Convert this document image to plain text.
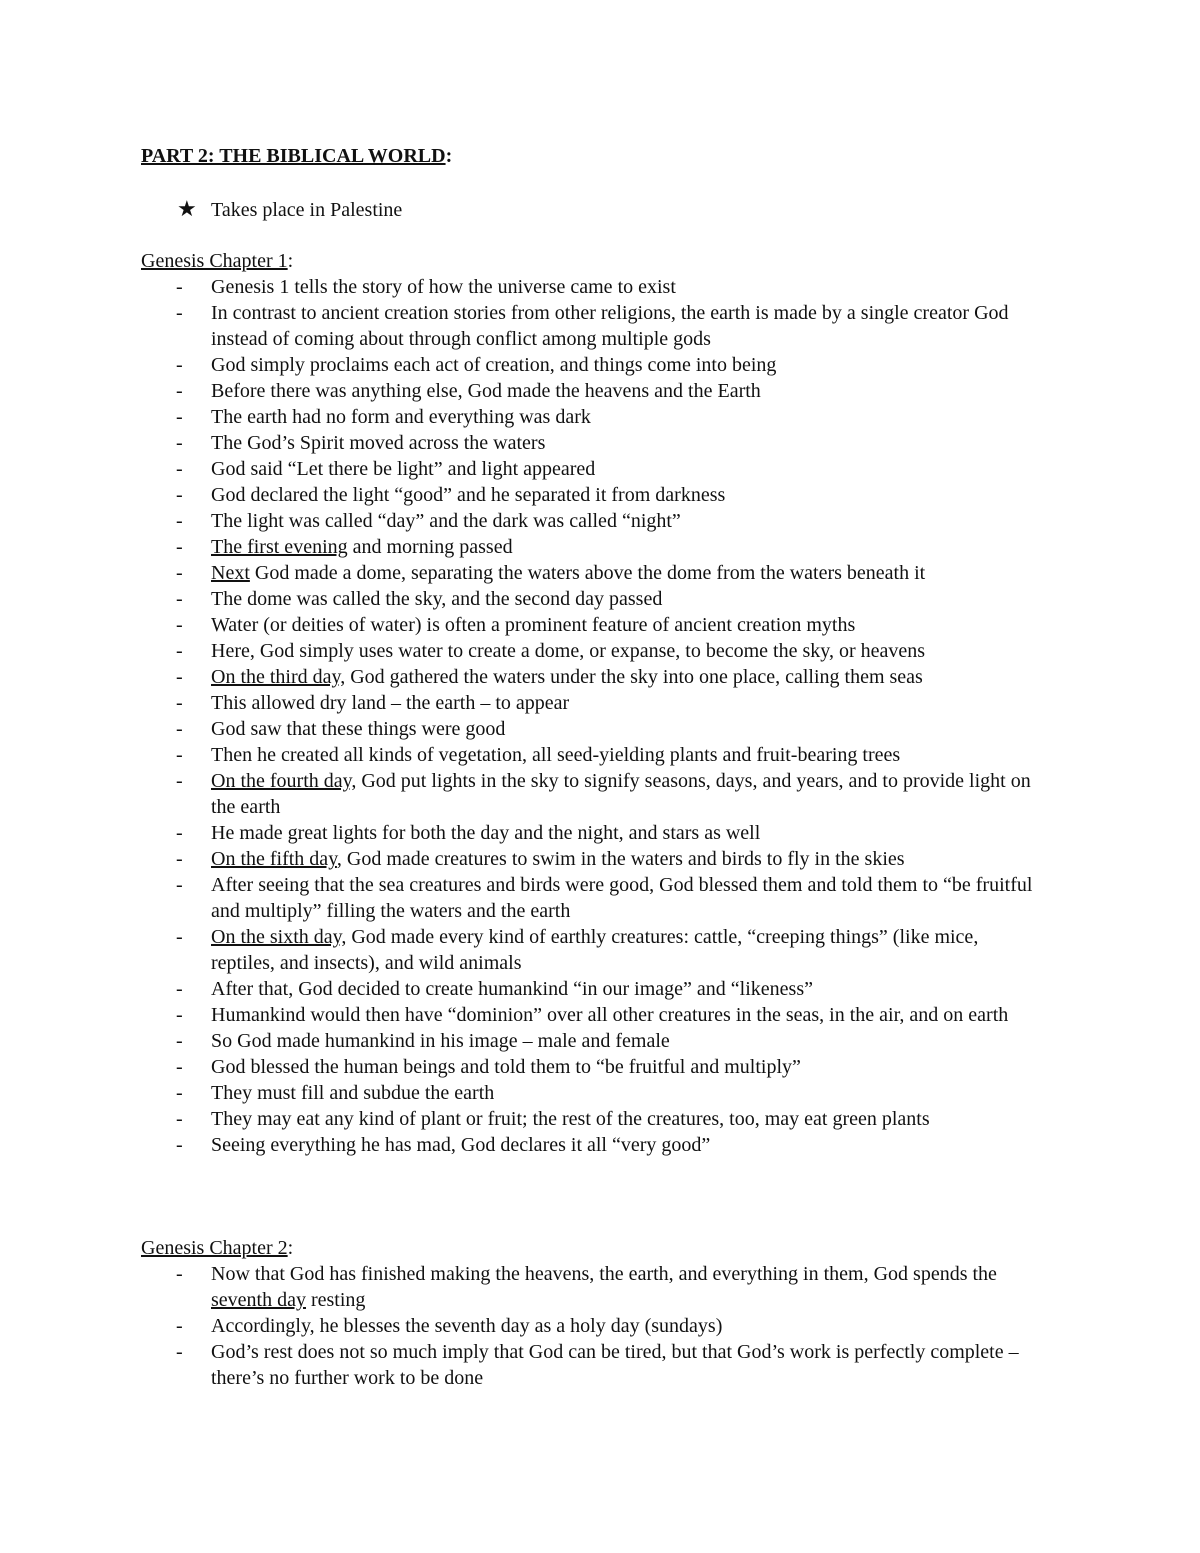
PART 2: THE BIBLICAL WORLD:
★ Takes place in Palestine
Genesis Chapter 1:
- Genesis 1 tells the story of how the universe came to exist
- In contrast to ancient creation stories from other religions, the earth is made by a single creator God instead of coming about through conflict among multiple gods
- God simply proclaims each act of creation, and things come into being
- Before there was anything else, God made the heavens and the Earth
- The earth had no form and everything was dark
- The God’s Spirit moved across the waters
- God said “Let there be light” and light appeared
- God declared the light “good” and he separated it from darkness
- The light was called “day” and the dark was called “night”
- The first evening and morning passed
- Next God made a dome, separating the waters above the dome from the waters beneath it
- The dome was called the sky, and the second day passed
- Water (or deities of water) is often a prominent feature of ancient creation myths
- Here, God simply uses water to create a dome, or expanse, to become the sky, or heavens
- On the third day, God gathered the waters under the sky into one place, calling them seas
- This allowed dry land – the earth – to appear
- God saw that these things were good
- Then he created all kinds of vegetation, all seed-yielding plants and fruit-bearing trees
- On the fourth day, God put lights in the sky to signify seasons, days, and years, and to provide light on the earth
- He made great lights for both the day and the night, and stars as well
- On the fifth day, God made creatures to swim in the waters and birds to fly in the skies
- After seeing that the sea creatures and birds were good, God blessed them and told them to “be fruitful and multiply” filling the waters and the earth
- On the sixth day, God made every kind of earthly creatures: cattle, “creeping things” (like mice, reptiles, and insects), and wild animals
- After that, God decided to create humankind “in our image” and “likeness”
- Humankind would then have “dominion” over all other creatures in the seas, in the air, and on earth
- So God made humankind in his image – male and female
- God blessed the human beings and told them to “be fruitful and multiply”
- They must fill and subdue the earth
- They may eat any kind of plant or fruit; the rest of the creatures, too, may eat green plants
- Seeing everything he has mad, God declares it all “very good”
Genesis Chapter 2:
- Now that God has finished making the heavens, the earth, and everything in them, God spends the seventh day resting
- Accordingly, he blesses the seventh day as a holy day (sundays)
- God’s rest does not so much imply that God can be tired, but that God’s work is perfectly complete – there’s no further work to be done
